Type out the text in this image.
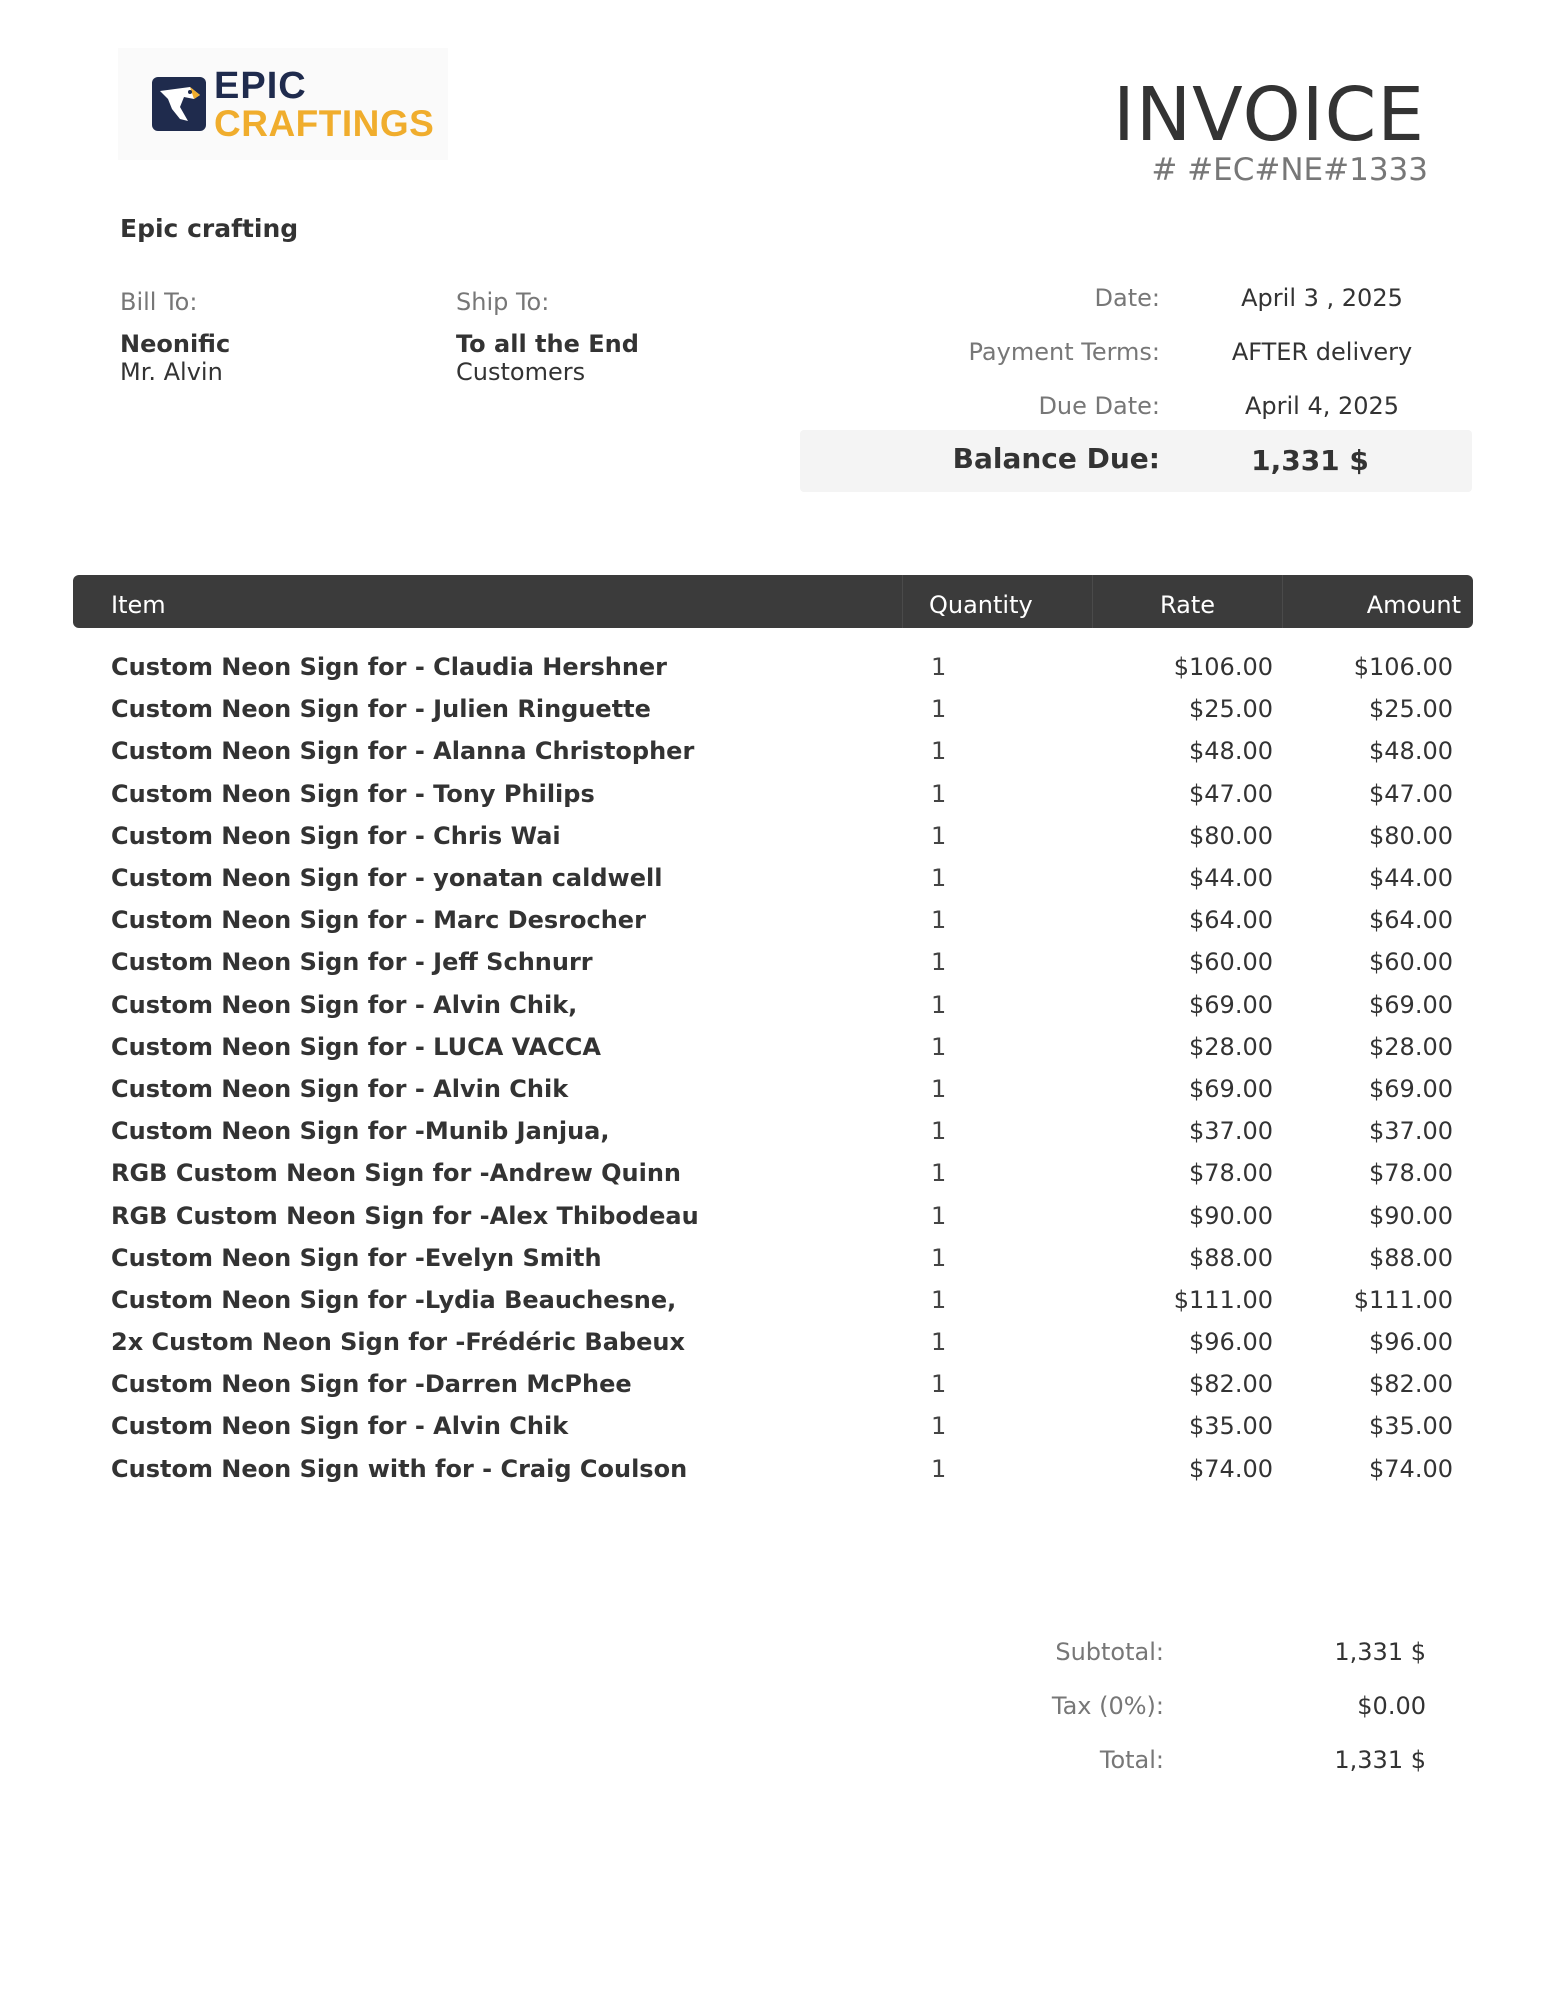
EPIC
CRAFTINGS	INVOICE
# #EC#NE#1333
Epic crafting
Bill To:
Neonific
Mr. Alvin
Ship To:
To all the End
Customers
Date:	April 3 , 2025
Payment Terms:	AFTER delivery
Due Date:	April 4, 2025
Balance Due:	1,331 $
Item	Quantity	Rate	Amount
Custom Neon Sign for - Claudia Hershner	1	$106.00	$106.00
Custom Neon Sign for - Julien Ringuette	1	$25.00	$25.00
Custom Neon Sign for - Alanna Christopher	1	$48.00	$48.00
Custom Neon Sign for - Tony Philips	1	$47.00	$47.00
Custom Neon Sign for - Chris Wai	1	$80.00	$80.00
Custom Neon Sign for - yonatan caldwell	1	$44.00	$44.00
Custom Neon Sign for - Marc Desrocher	1	$64.00	$64.00
Custom Neon Sign for - Jeff Schnurr	1	$60.00	$60.00
Custom Neon Sign for - Alvin Chik,	1	$69.00	$69.00
Custom Neon Sign for - LUCA VACCA	1	$28.00	$28.00
Custom Neon Sign for - Alvin Chik	1	$69.00	$69.00
Custom Neon Sign for -Munib Janjua,	1	$37.00	$37.00
RGB Custom Neon Sign for -Andrew Quinn	1	$78.00	$78.00
RGB Custom Neon Sign for -Alex Thibodeau	1	$90.00	$90.00
Custom Neon Sign for -Evelyn Smith	1	$88.00	$88.00
Custom Neon Sign for -Lydia Beauchesne,	1	$111.00	$111.00
2x Custom Neon Sign for -Frédéric Babeux	1	$96.00	$96.00
Custom Neon Sign for -Darren McPhee	1	$82.00	$82.00
Custom Neon Sign for - Alvin Chik	1	$35.00	$35.00
Custom Neon Sign with for - Craig Coulson	1	$74.00	$74.00
Subtotal:	1,331 $
Tax (0%):	$0.00
Total:	1,331 $
